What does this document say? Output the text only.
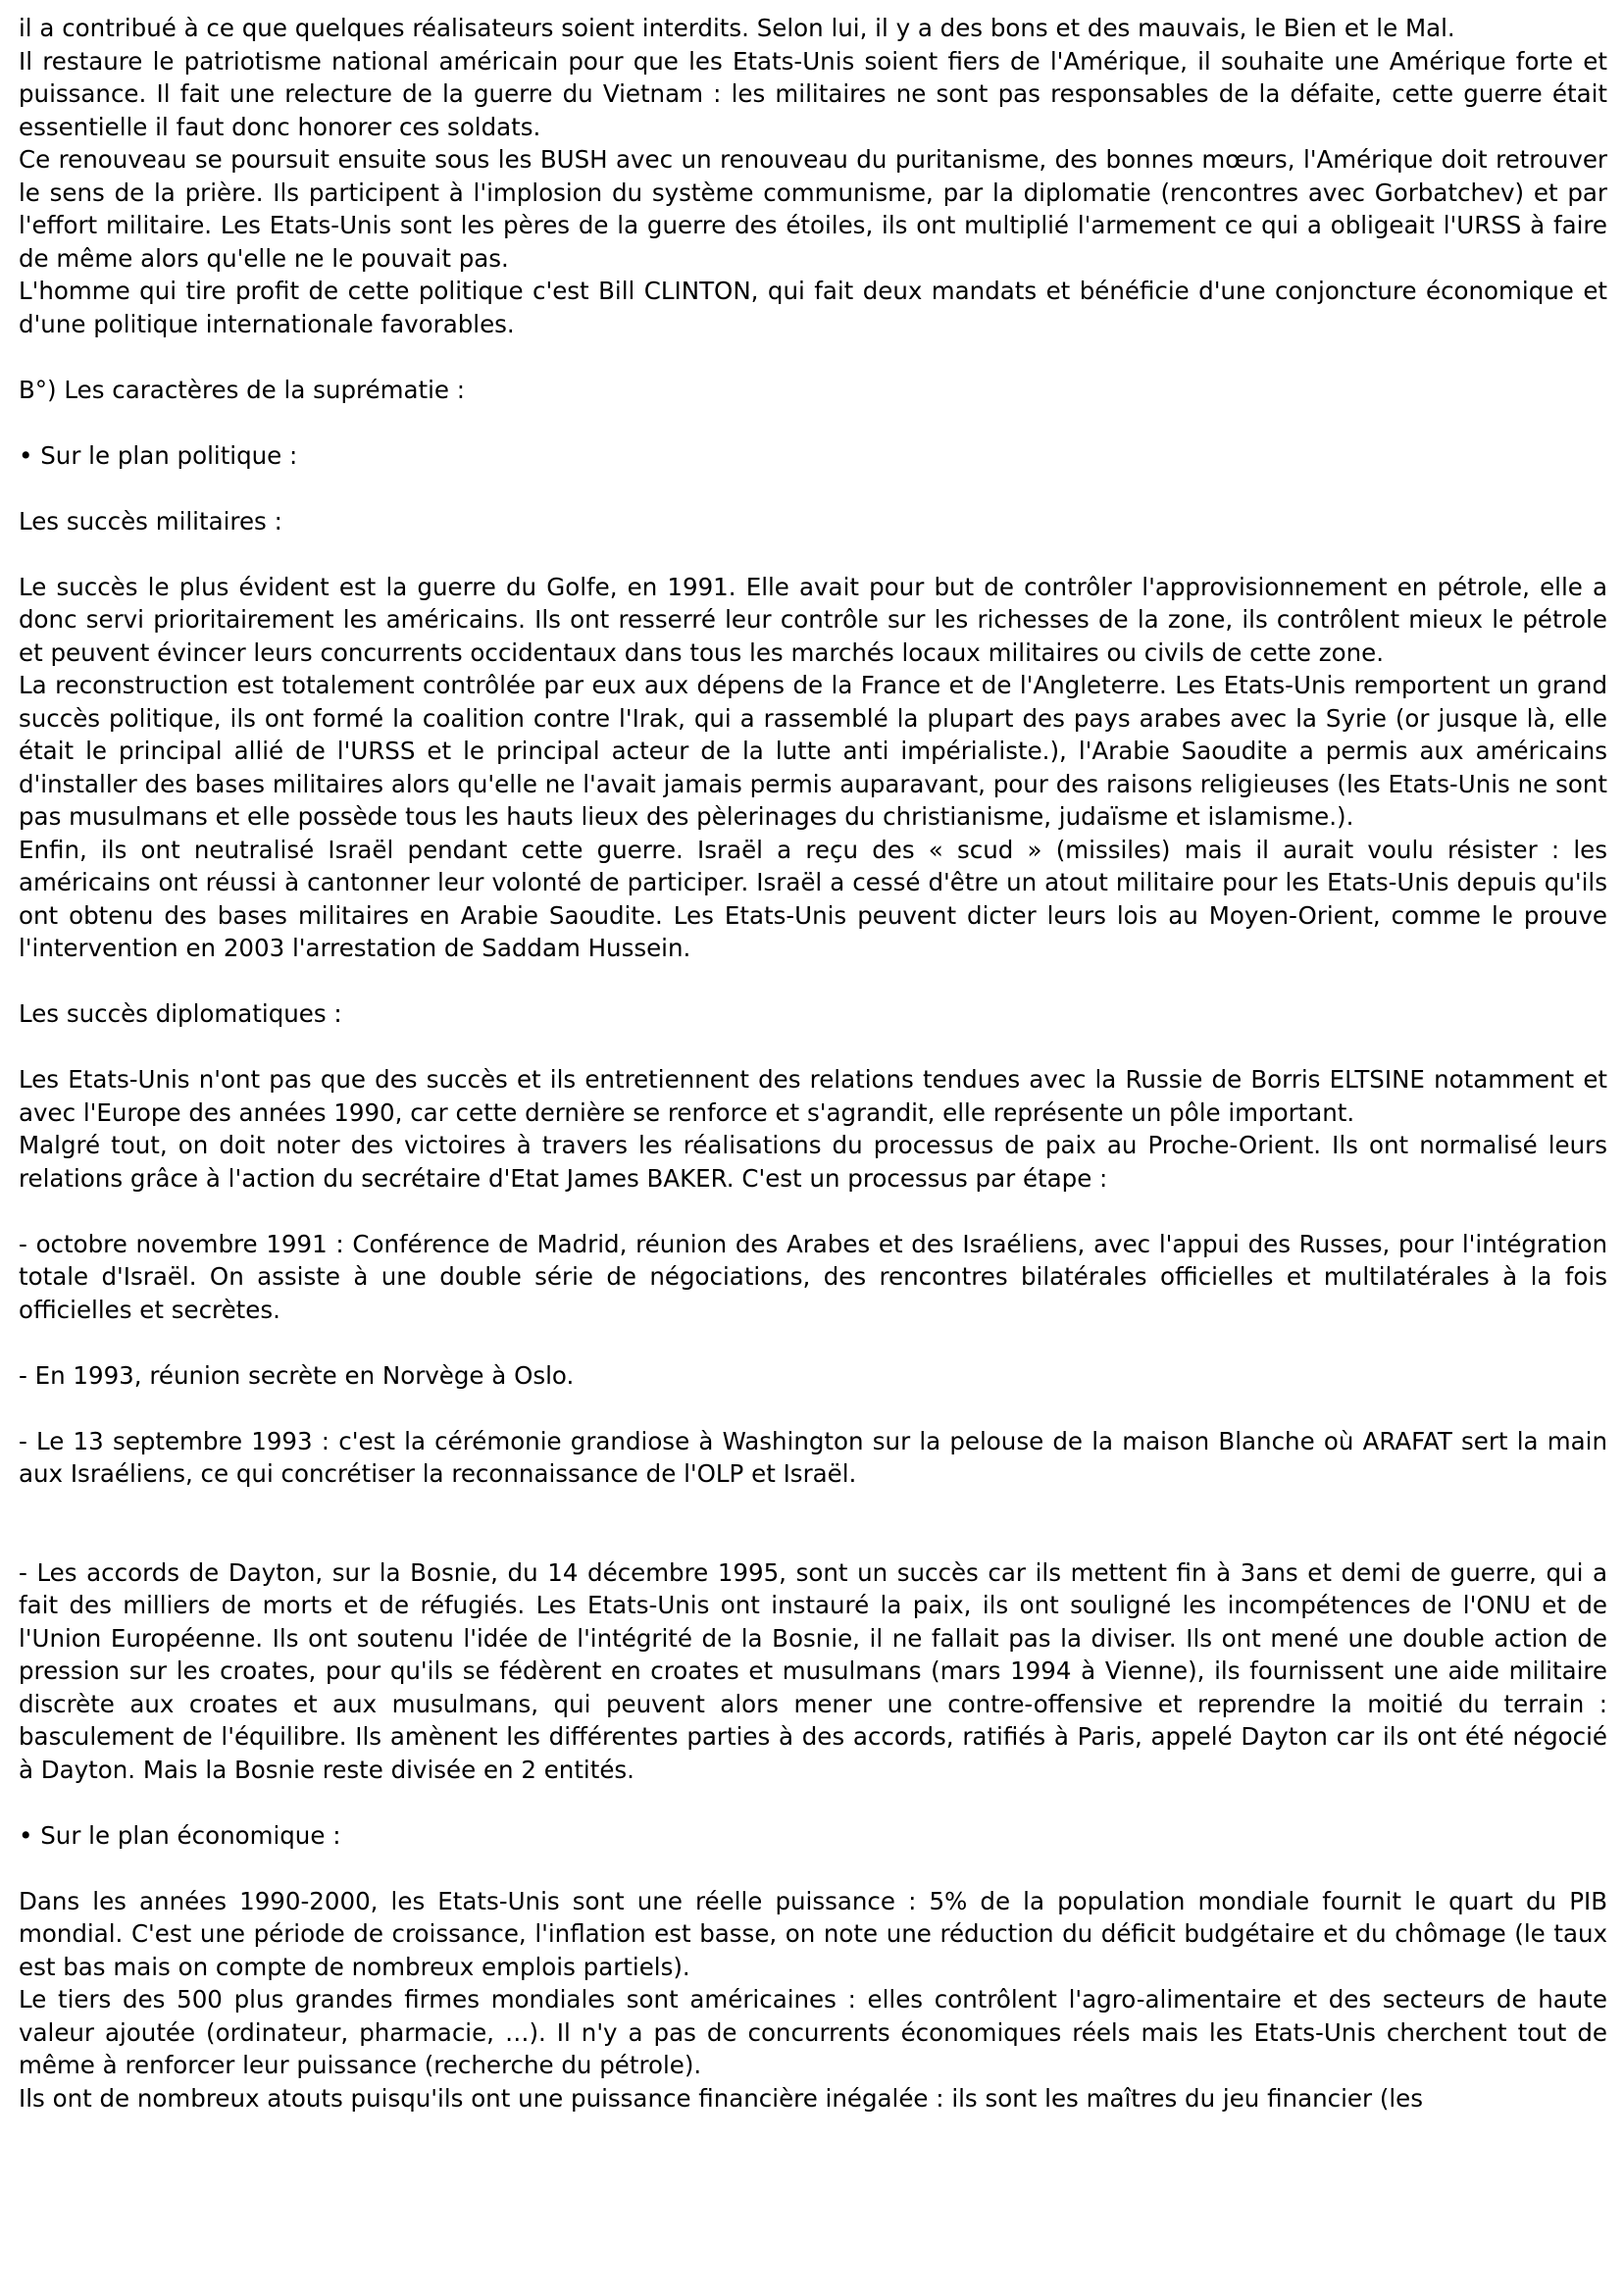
il a contribué à ce que quelques réalisateurs soient interdits. Selon lui, il y a des bons et des mauvais, le Bien et le Mal.

Il restaure le patriotisme national américain pour que les Etats-Unis soient fiers de l'Amérique, il souhaite une Amérique forte et puissance. Il fait une relecture de la guerre du Vietnam : les militaires ne sont pas responsables de la défaite, cette guerre était essentielle il faut donc honorer ces soldats.

Ce renouveau se poursuit ensuite sous les BUSH avec un renouveau du puritanisme, des bonnes mœurs, l'Amérique doit retrouver le sens de la prière. Ils participent à l'implosion du système communisme, par la diplomatie (rencontres avec Gorbatchev) et par l'effort militaire. Les Etats-Unis sont les pères de la guerre des étoiles, ils ont multiplié l'armement ce qui a obligeait l'URSS à faire de même alors qu'elle ne le pouvait pas.

L'homme qui tire profit de cette politique c'est Bill CLINTON, qui fait deux mandats et bénéficie d'une conjoncture économique et d'une politique internationale favorables.

B°) Les caractères de la suprématie :

• Sur le plan politique :

Les succès militaires :

Le succès le plus évident est la guerre du Golfe, en 1991. Elle avait pour but de contrôler l'approvisionnement en pétrole, elle a donc servi prioritairement les américains. Ils ont resserré leur contrôle sur les richesses de la zone, ils contrôlent mieux le pétrole et peuvent évincer leurs concurrents occidentaux dans tous les marchés locaux militaires ou civils de cette zone.

La reconstruction est totalement contrôlée par eux aux dépens de la France et de l'Angleterre. Les Etats-Unis remportent un grand succès politique, ils ont formé la coalition contre l'Irak, qui a rassemblé la plupart des pays arabes avec la Syrie (or jusque là, elle était le principal allié de l'URSS et le principal acteur de la lutte anti impérialiste.), l'Arabie Saoudite a permis aux américains d'installer des bases militaires alors qu'elle ne l'avait jamais permis auparavant, pour des raisons religieuses (les Etats-Unis ne sont pas musulmans et elle possède tous les hauts lieux des pèlerinages du christianisme, judaïsme et islamisme.).

Enfin, ils ont neutralisé Israël pendant cette guerre. Israël a reçu des « scud » (missiles) mais il aurait voulu résister : les américains ont réussi à cantonner leur volonté de participer. Israël a cessé d'être un atout militaire pour les Etats-Unis depuis qu'ils ont obtenu des bases militaires en Arabie Saoudite. Les Etats-Unis peuvent dicter leurs lois au Moyen-Orient, comme le prouve l'intervention en 2003 l'arrestation de Saddam Hussein.

Les succès diplomatiques :

Les Etats-Unis n'ont pas que des succès et ils entretiennent des relations tendues avec la Russie de Borris ELTSINE notamment et avec l'Europe des années 1990, car cette dernière se renforce et s'agrandit, elle représente un pôle important.

Malgré tout, on doit noter des victoires à travers les réalisations du processus de paix au Proche-Orient. Ils ont normalisé leurs relations grâce à l'action du secrétaire d'Etat James BAKER. C'est un processus par étape :

- octobre novembre 1991 : Conférence de Madrid, réunion des Arabes et des Israéliens, avec l'appui des Russes, pour l'intégration totale d'Israël. On assiste à une double série de négociations, des rencontres bilatérales officielles et multilatérales à la fois officielles et secrètes.

- En 1993, réunion secrète en Norvège à Oslo.

- Le 13 septembre 1993 : c'est la cérémonie grandiose à Washington sur la pelouse de la maison Blanche où ARAFAT sert la main aux Israéliens, ce qui concrétiser la reconnaissance de l'OLP et Israël.

- Les accords de Dayton, sur la Bosnie, du 14 décembre 1995, sont un succès car ils mettent fin à 3ans et demi de guerre, qui a fait des milliers de morts et de réfugiés. Les Etats-Unis ont instauré la paix, ils ont souligné les incompétences de l'ONU et de l'Union Européenne. Ils ont soutenu l'idée de l'intégrité de la Bosnie, il ne fallait pas la diviser. Ils ont mené une double action de pression sur les croates, pour qu'ils se fédèrent en croates et musulmans (mars 1994 à Vienne), ils fournissent une aide militaire discrète aux croates et aux musulmans, qui peuvent alors mener une contre-offensive et reprendre la moitié du terrain : basculement de l'équilibre. Ils amènent les différentes parties à des accords, ratifiés à Paris, appelé Dayton car ils ont été négocié à Dayton. Mais la Bosnie reste divisée en 2 entités.

• Sur le plan économique :

Dans les années 1990-2000, les Etats-Unis sont une réelle puissance : 5% de la population mondiale fournit le quart du PIB mondial. C'est une période de croissance, l'inflation est basse, on note une réduction du déficit budgétaire et du chômage (le taux est bas mais on compte de nombreux emplois partiels).

Le tiers des 500 plus grandes firmes mondiales sont américaines : elles contrôlent l'agro-alimentaire et des secteurs de haute valeur ajoutée (ordinateur, pharmacie, …). Il n'y a pas de concurrents économiques réels mais les Etats-Unis cherchent tout de même à renforcer leur puissance (recherche du pétrole).

Ils ont de nombreux atouts puisqu'ils ont une puissance financière inégalée : ils sont les maîtres du jeu financier (les
